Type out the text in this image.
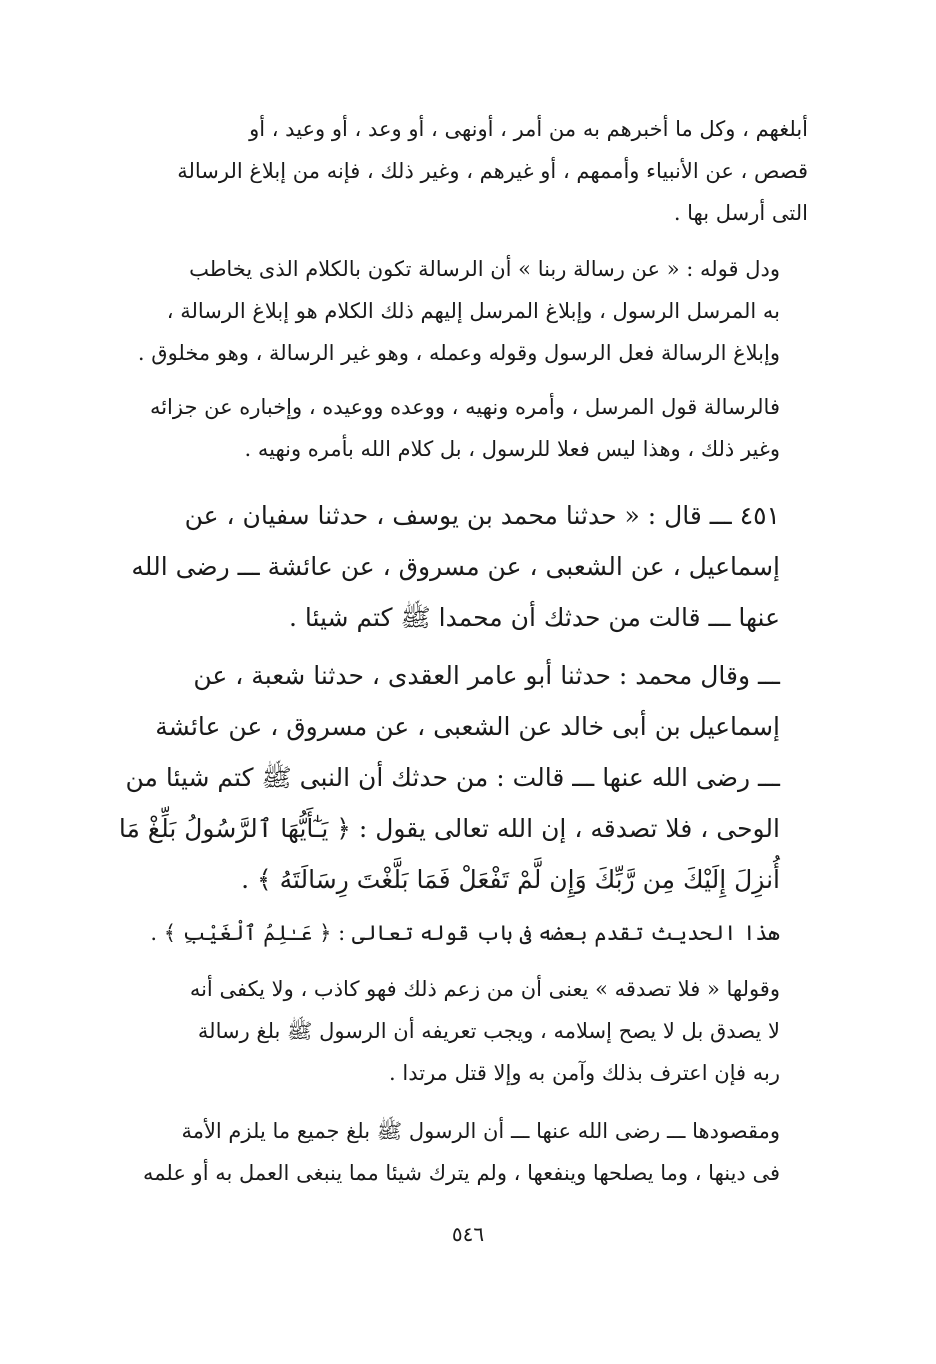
أبلغهم ، وكل ما أخبرهم به من أمر ، أونهى ، أو وعد ، أو وعيد ، أو
قصص ، عن الأنبياء وأممهم ، أو غيرهم ، وغير ذلك ، فإنه من إبلاغ الرسالة
التى أرسل بها .

ودل قوله : « عن رسالة ربنا » أن الرسالة تكون بالكلام الذى يخاطب
به المرسل الرسول ، وإبلاغ المرسل إليهم ذلك الكلام هو إبلاغ الرسالة ،
وإبلاغ الرسالة فعل الرسول وقوله وعمله ، وهو غير الرسالة ، وهو مخلوق .

فالرسالة قول المرسل ، وأمره ونهيه ، ووعده ووعيده ، وإخباره عن جزائه
وغير ذلك ، وهذا ليس فعلا للرسول ، بل كلام الله بأمره ونهيه .

٤٥١ ـــ قال : « حدثنا محمد بن يوسف ، حدثنا سفيان ، عن
إسماعيل ، عن الشعبى ، عن مسروق ، عن عائشة ـــ رضى الله
عنها ـــ قالت من حدثك أن محمدا ﷺ كتم شيئا .

ـــ وقال محمد : حدثنا أبو عامر العقدى ، حدثنا شعبة ، عن
إسماعيل بن أبى خالد عن الشعبى ، عن مسروق ، عن عائشة
ـــ رضى الله عنها ـــ قالت : من حدثك أن النبى ﷺ كتم شيئا من
الوحى ، فلا تصدقه ، إن الله تعالى يقول : ﴿ يَـٰٓأَيُّهَا ٱلرَّسُولُ بَلِّغْ مَا
أُنزِلَ إِلَيْكَ مِن رَّبِّكَ وَإِن لَّمْ تَفْعَلْ فَمَا بَلَّغْتَ رِسَالَتَهُ ﴾ .

هذا الحديث تقدم بعضه فى باب قوله تعالى : ﴿ عَـٰلِمُ ٱلْغَيْبِ ﴾ .

وقولها « فلا تصدقه » يعنى أن من زعم ذلك فهو كاذب ، ولا يكفى أنه
لا يصدق بل لا يصح إسلامه ، ويجب تعريفه أن الرسول ﷺ بلغ رسالة
ربه فإن اعترف بذلك وآمن به وإلا قتل مرتدا .

ومقصودها ـــ رضى الله عنها ـــ أن الرسول ﷺ بلغ جميع ما يلزم الأمة
فى دينها ، وما يصلحها وينفعها ، ولم يترك شيئا مما ينبغى العمل به أو علمه

٥٤٦
